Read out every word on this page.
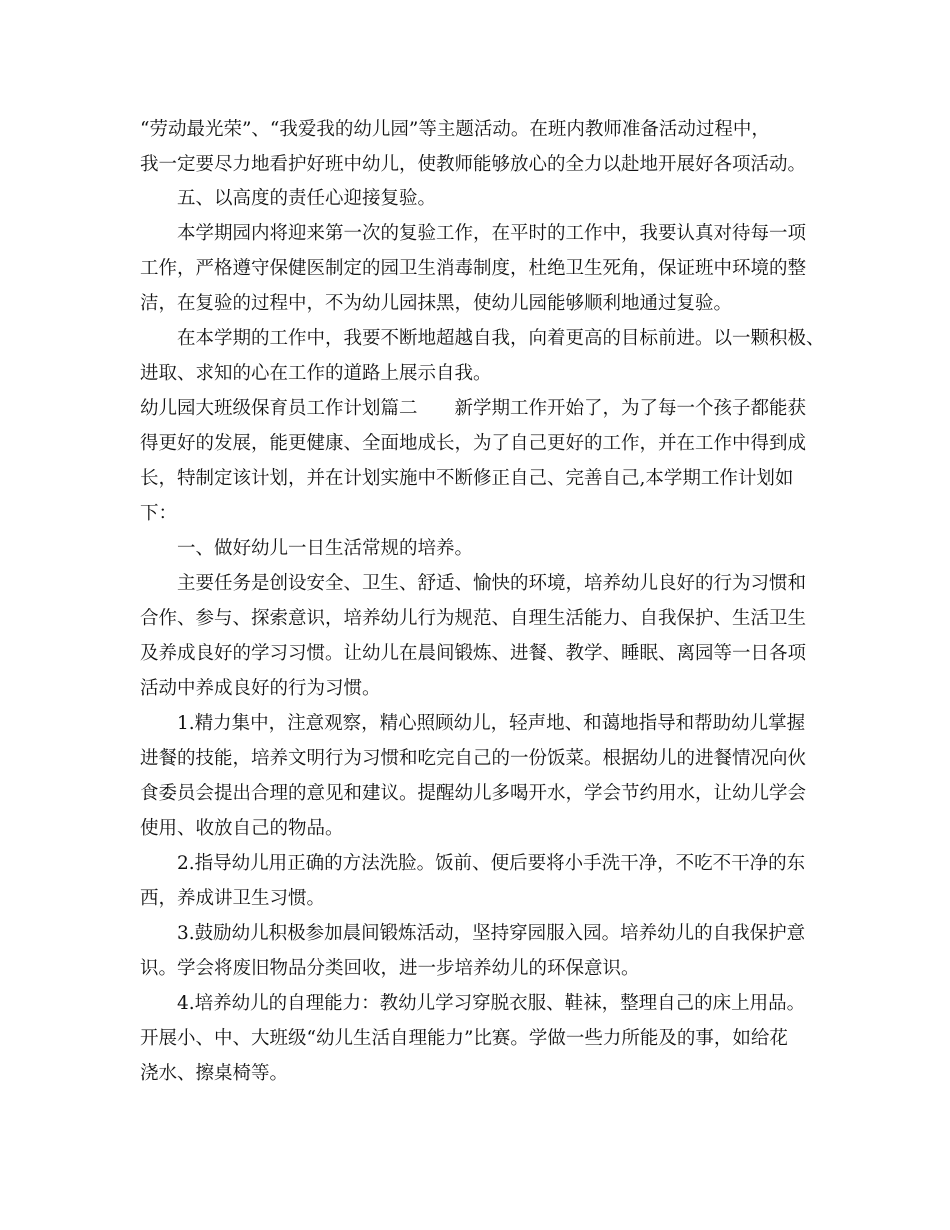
“劳动最光荣”、“我爱我的幼儿园”等主题活动。在班内教师准备活动过程中，
我一定要尽力地看护好班中幼儿，使教师能够放心的全力以赴地开展好各项活动。
五、以高度的责任心迎接复验。
本学期园内将迎来第一次的复验工作，在平时的工作中，我要认真对待每一项
工作，严格遵守保健医制定的园卫生消毒制度，杜绝卫生死角，保证班中环境的整
洁，在复验的过程中，不为幼儿园抹黑，使幼儿园能够顺利地通过复验。
在本学期的工作中，我要不断地超越自我，向着更高的目标前进。以一颗积极、
进取、求知的心在工作的道路上展示自我。
幼儿园大班级保育员工作计划篇二　　新学期工作开始了，为了每一个孩子都能获
得更好的发展，能更健康、全面地成长，为了自己更好的工作，并在工作中得到成
长，特制定该计划，并在计划实施中不断修正自己、完善自己,本学期工作计划如
下：
一、做好幼儿一日生活常规的培养。
主要任务是创设安全、卫生、舒适、愉快的环境，培养幼儿良好的行为习惯和
合作、参与、探索意识，培养幼儿行为规范、自理生活能力、自我保护、生活卫生
及养成良好的学习习惯。让幼儿在晨间锻炼、进餐、教学、睡眠、离园等一日各项
活动中养成良好的行为习惯。
1.精力集中，注意观察，精心照顾幼儿，轻声地、和蔼地指导和帮助幼儿掌握
进餐的技能，培养文明行为习惯和吃完自己的一份饭菜。根据幼儿的进餐情况向伙
食委员会提出合理的意见和建议。提醒幼儿多喝开水，学会节约用水，让幼儿学会
使用、收放自己的物品。
2.指导幼儿用正确的方法洗脸。饭前、便后要将小手洗干净，不吃不干净的东
西，养成讲卫生习惯。
3.鼓励幼儿积极参加晨间锻炼活动，坚持穿园服入园。培养幼儿的自我保护意
识。学会将废旧物品分类回收，进一步培养幼儿的环保意识。
4.培养幼儿的自理能力：教幼儿学习穿脱衣服、鞋袜，整理自己的床上用品。
开展小、中、大班级“幼儿生活自理能力”比赛。学做一些力所能及的事，如给花
浇水、擦桌椅等。
